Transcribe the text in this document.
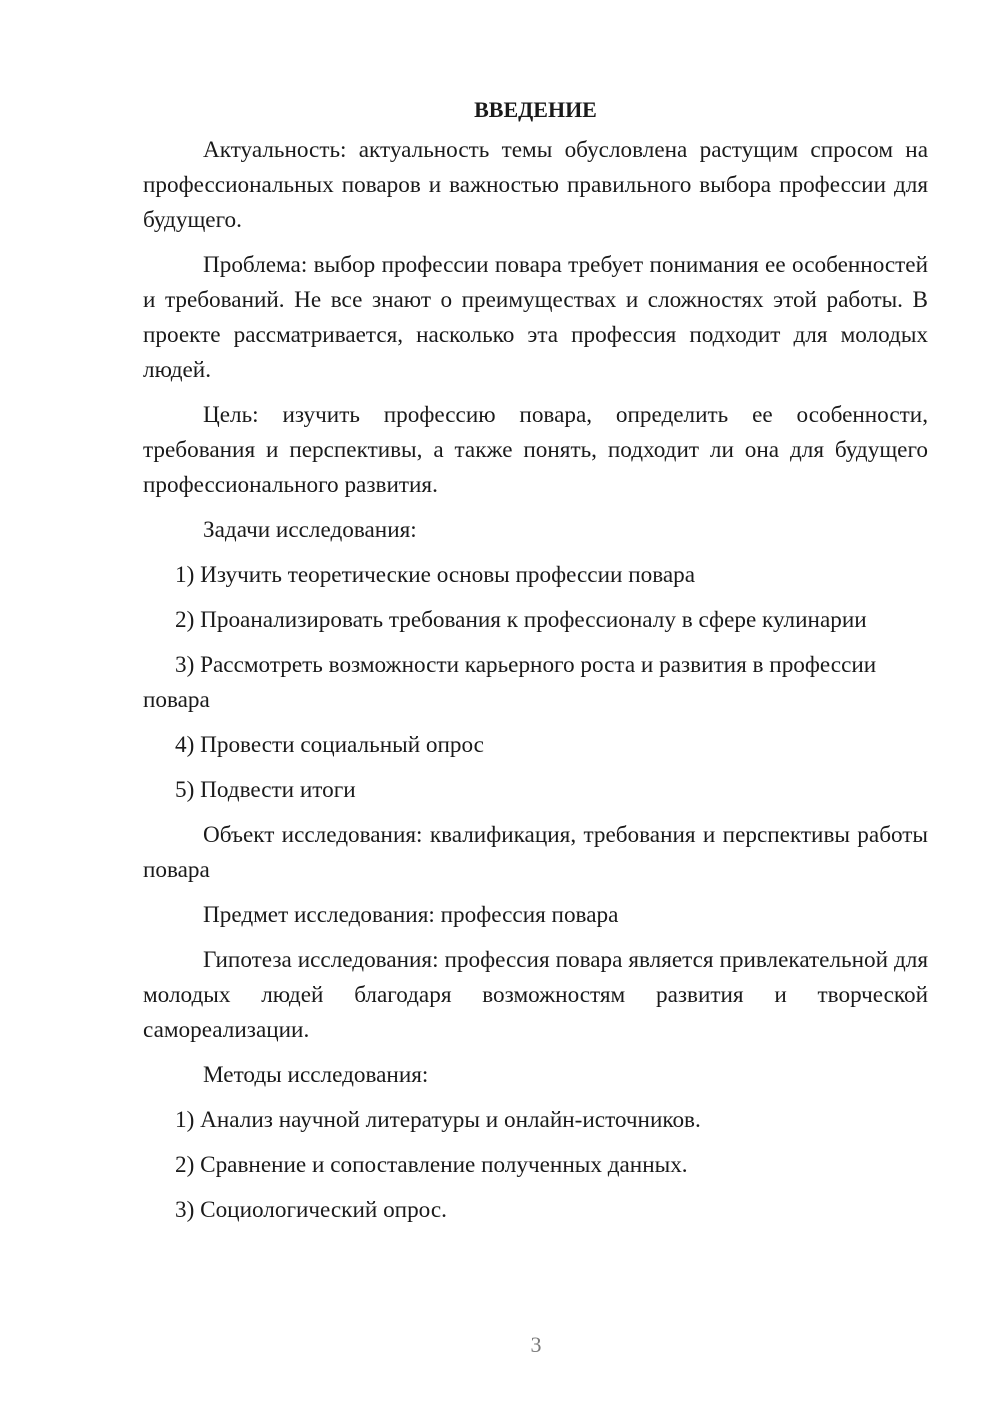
ВВЕДЕНИЕ

Актуальность: актуальность темы обусловлена растущим спросом на профессиональных поваров и важностью правильного выбора профессии для будущего.

Проблема: выбор профессии повара требует понимания ее особенностей и требований. Не все знают о преимуществах и сложностях этой работы. В проекте рассматривается, насколько эта профессия подходит для молодых людей.

Цель: изучить профессию повара, определить ее особенности, требования и перспективы, а также понять, подходит ли она для будущего профессионального развития.

Задачи исследования:

1) Изучить теоретические основы профессии повара

2) Проанализировать требования к профессионалу в сфере кулинарии

3) Рассмотреть возможности карьерного роста и развития в профессии повара

4) Провести социальный опрос

5) Подвести итоги

Объект исследования: квалификация, требования и перспективы работы повара

Предмет исследования: профессия повара

Гипотеза исследования: профессия повара является привлекательной для молодых людей благодаря возможностям развития и творческой самореализации.

Методы исследования:

1) Анализ научной литературы и онлайн-источников.

2) Сравнение и сопоставление полученных данных.

3) Социологический опрос.

3
